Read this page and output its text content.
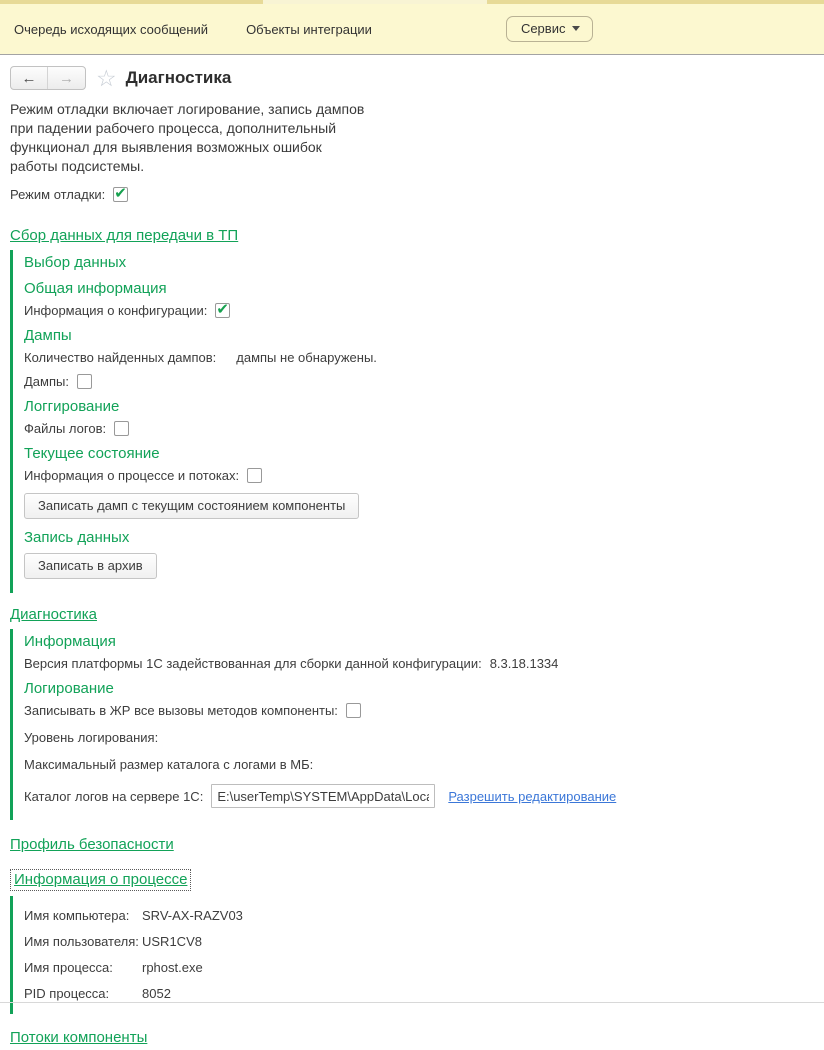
Очередь исходящих сообщений	Объекты интеграции	Сервис
← → ☆ Диагностика
Режим отладки включает логирование, запись дампов при падении рабочего процесса, дополнительный функционал для выявления возможных ошибок работы подсистемы.
Режим отладки:
✔
Сбор данных для передачи в ТП
Выбор данных
Общая информация
Информация о конфигурации:
✔
Дампы
Количество найденных дампов: дампы не обнаружены.
Дампы:
Логгирование
Файлы логов:
Текущее состояние
Информация о процессе и потоках:
Записать дамп с текущим состоянием компоненты
Запись данных
Записать в архив
Диагностика
Информация
Версия платформы 1С задействованная для сборки данной конфигурации: 8.3.18.1334
Логирование
Записывать в ЖР все вызовы методов компоненты:
Уровень логирования:
Максимальный размер каталога с логами в МБ:
Каталог логов на сервере 1С:
E:\userTemp\SYSTEM\AppData\Local\Temp	Разрешить редактирование
Профиль безопасности
Информация о процессе
Имя компьютера: SRV-AX-RAZV03
Имя пользователя: USR1CV8
Имя процесса:	rphost.exe
PID процесса:	8052
Потоки компоненты
